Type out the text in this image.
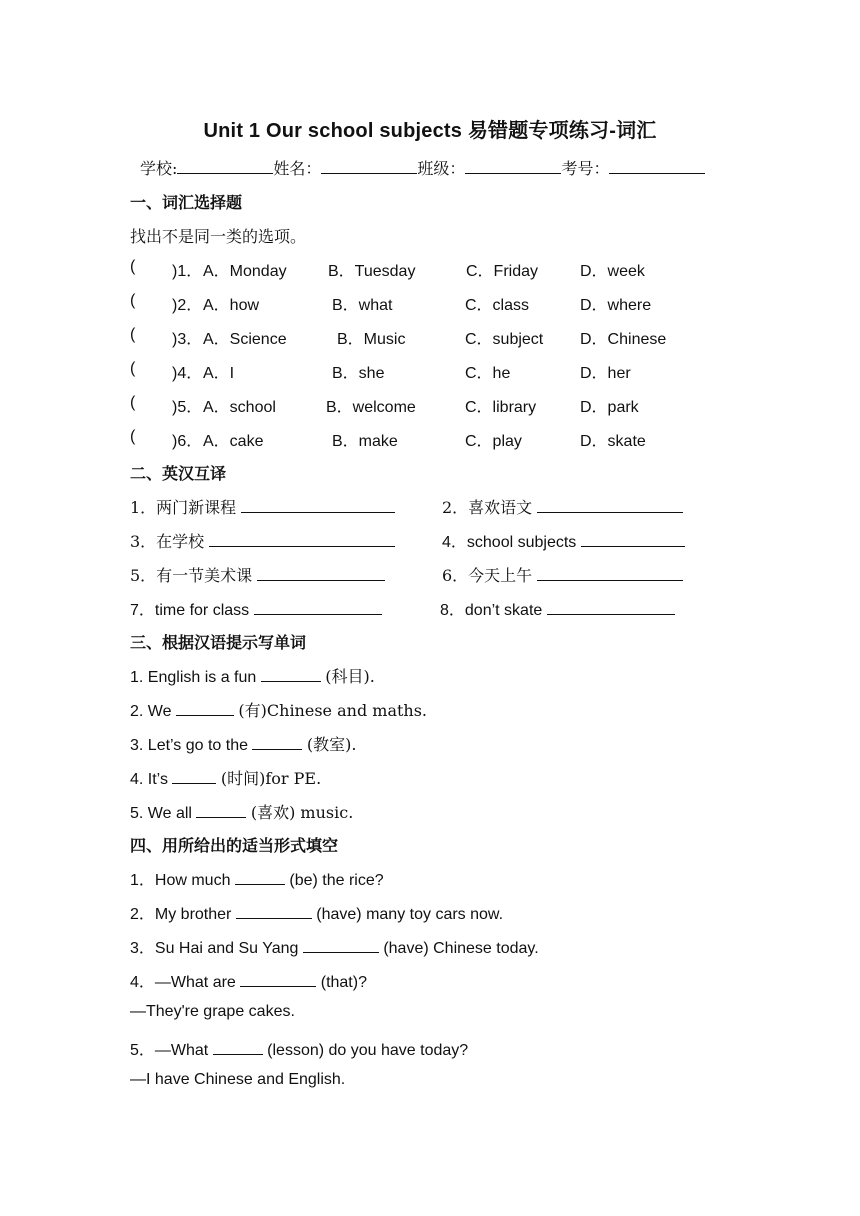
Unit 1 Our school subjects 易错题专项练习-词汇
学校:	姓名：	班级：	考号：
一、词汇选择题
找出不是同一类的选项。
( )1． A．Monday	B．Tuesday	C．Friday	D．week
( )2． A．how	B．what	C．class	D．where
( )3． A．Science	B．Music	C．subject D．Chinese
( )4． A．I	B．she	C．he	D．her
( )5． A．school	B．welcome	C．library	D．park
( )6． A．cake	B．make	C．play	D．skate
二、英汉互译
1．两门新课程	2．喜欢语文
3．在学校	4．school subjects
5．有一节美术课	6．今天上午
7．time for class	8．don’t skate
三、根据汉语提示写单词
1. English is a fun	(科目).
2. We	(有)Chinese and maths.
3. Let’s go to the	(教室).
4. It’s	(时间)for PE.
5. We all	(喜欢) music.
四、用所给出的适当形式填空
1．How much	(be) the rice?
2．My brother	(have) many toy cars now.
3．Su Hai and Su Yang	(have) Chinese today.
4．—What are	(that)?
—They're grape cakes.
5．—What	(lesson) do you have today?
—I have Chinese and English.
